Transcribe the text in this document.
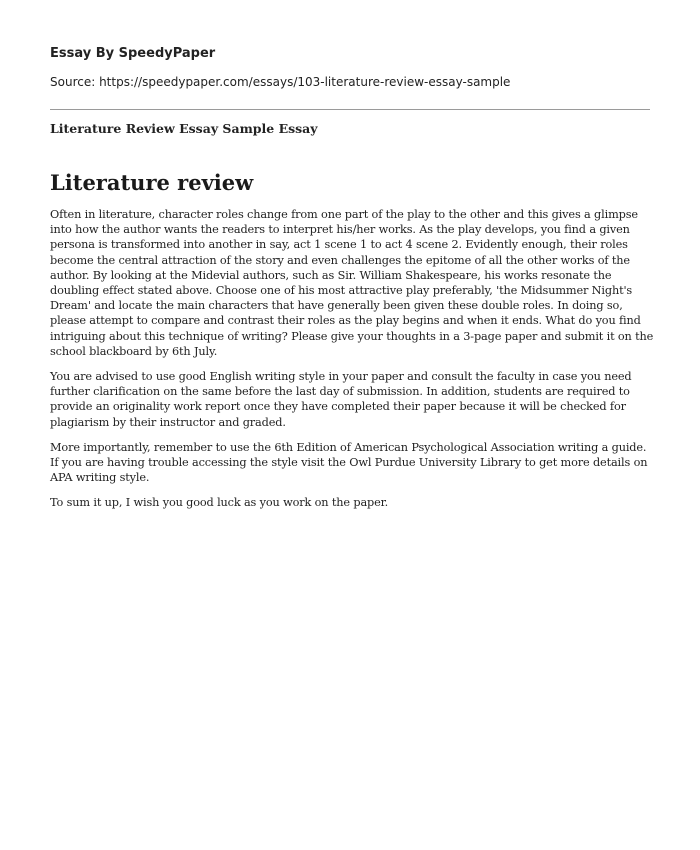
Essay By SpeedyPaper
Source: https://speedypaper.com/essays/103-literature-review-essay-sample
Literature Review Essay Sample Essay
Literature review

Often in literature, character roles change from one part of the play to the other and this gives a glimpse into how the author wants the readers to interpret his/her works. As the play develops, you find a given persona is transformed into another in say, act 1 scene 1 to act 4 scene 2. Evidently enough, their roles become the central attraction of the story and even challenges the epitome of all the other works of the author. By looking at the Midevial authors, such as Sir. William Shakespeare, his works resonate the doubling effect stated above. Choose one of his most attractive play preferably, 'the Midsummer Night's Dream' and locate the main characters that have generally been given these double roles. In doing so, please attempt to compare and contrast their roles as the play begins and when it ends. What do you find intriguing about this technique of writing? Please give your thoughts in a 3-page paper and submit it on the school blackboard by 6th July.

You are advised to use good English writing style in your paper and consult the faculty in case you need further clarification on the same before the last day of submission. In addition, students are required to provide an originality work report once they have completed their paper because it will be checked for plagiarism by their instructor and graded.

More importantly, remember to use the 6th Edition of American Psychological Association writing a guide. If you are having trouble accessing the style visit the Owl Purdue University Library to get more details on APA writing style.

To sum it up, I wish you good luck as you work on the paper.
